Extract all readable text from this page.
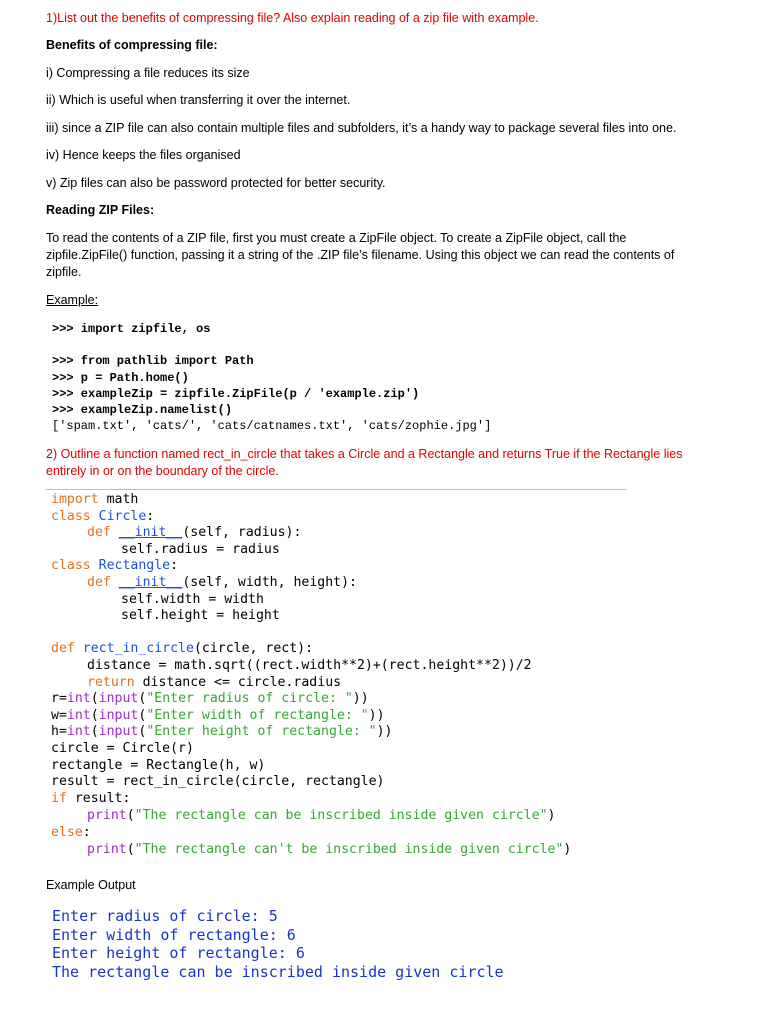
1)List out the benefits of compressing file? Also explain reading of a zip file with example.
Benefits of compressing file:
i) Compressing a file reduces its size
ii) Which is useful when transferring it over the internet.
iii) since a ZIP file can also contain multiple files and subfolders, it’s a handy way to package several files into one.
iv) Hence keeps the files organised
v) Zip files can also be password protected for better security.
Reading ZIP Files:
To read the contents of a ZIP file, first you must create a ZipFile object. To create a ZipFile object, call the
zipfile.ZipFile() function, passing it a string of the .ZIP file’s filename. Using this object we can read the contents of
zipfile.
Example:
>>> import zipfile, os
>>> from pathlib import Path
>>> p = Path.home()
>>> exampleZip = zipfile.ZipFile(p / 'example.zip')
>>> exampleZip.namelist()
['spam.txt', 'cats/', 'cats/catnames.txt', 'cats/zophie.jpg']
2) Outline a function named rect_in_circle that takes a Circle and a Rectangle and returns True if the Rectangle lies
entirely in or on the boundary of the circle.
import math
class Circle:
def __init__(self, radius):
self.radius = radius
class Rectangle:
def __init__(self, width, height):
self.width = width
self.height = height
def rect_in_circle(circle, rect):
distance = math.sqrt((rect.width**2)+(rect.height**2))/2
return distance <= circle.radius
r=int(input("Enter radius of circle: "))
w=int(input("Enter width of rectangle: "))
h=int(input("Enter height of rectangle: "))
circle = Circle(r)
rectangle = Rectangle(h, w)
result = rect_in_circle(circle, rectangle)
if result:
print("The rectangle can be inscribed inside given circle")
else:
print("The rectangle can't be inscribed inside given circle")
Example Output
Enter radius of circle: 5
Enter width of rectangle: 6
Enter height of rectangle: 6
The rectangle can be inscribed inside given circle
